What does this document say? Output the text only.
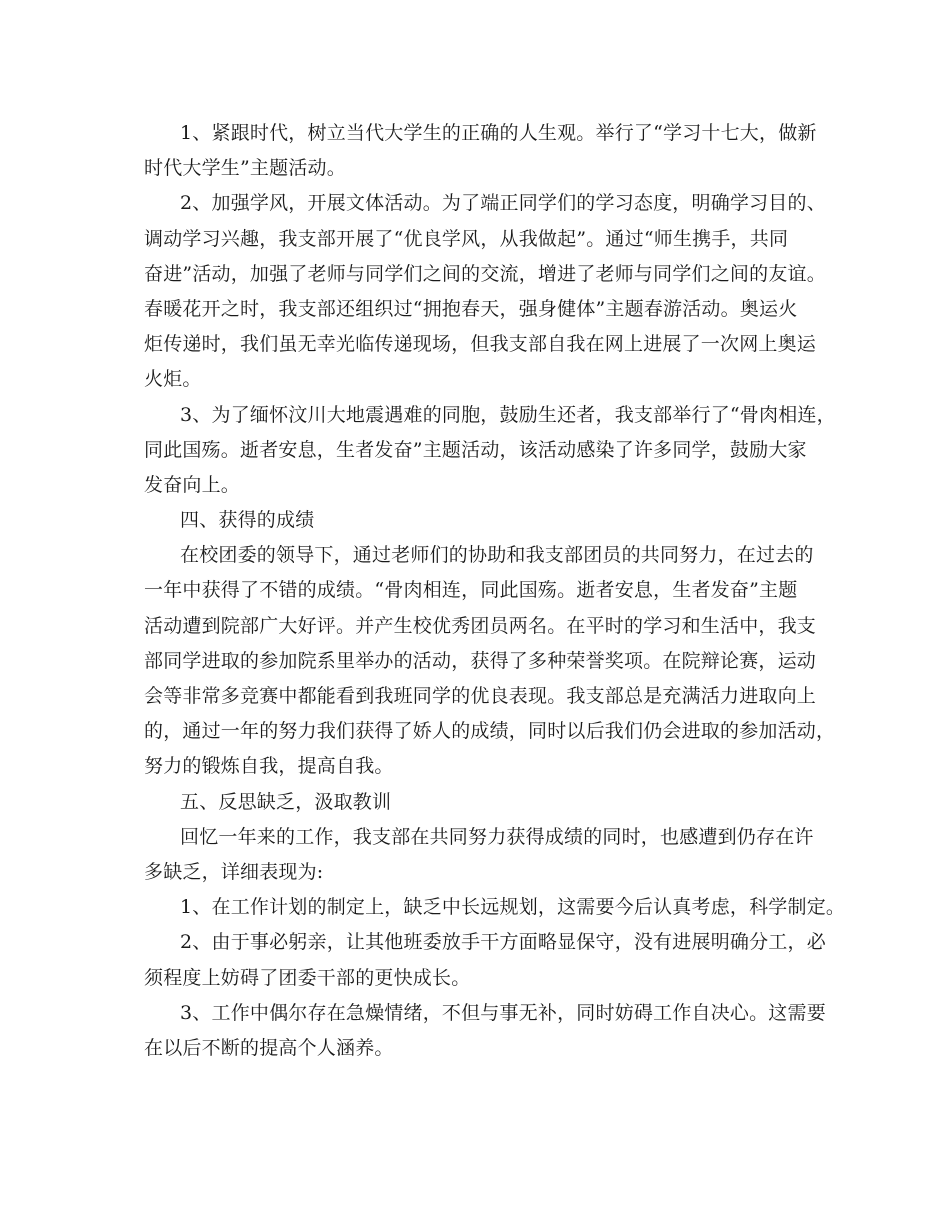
1、紧跟时代，树立当代大学生的正确的人生观。举行了“学习十七大，做新
时代大学生”主题活动。
2、加强学风，开展文体活动。为了端正同学们的学习态度，明确学习目的、
调动学习兴趣，我支部开展了“优良学风，从我做起”。通过“师生携手，共同
奋进”活动，加强了老师与同学们之间的交流，增进了老师与同学们之间的友谊。
春暖花开之时，我支部还组织过“拥抱春天，强身健体”主题春游活动。奥运火
炬传递时，我们虽无幸光临传递现场，但我支部自我在网上进展了一次网上奥运
火炬。
3、为了缅怀汶川大地震遇难的同胞，鼓励生还者，我支部举行了“骨肉相连，
同此国殇。逝者安息，生者发奋”主题活动，该活动感染了许多同学，鼓励大家
发奋向上。
四、获得的成绩
在校团委的领导下，通过老师们的协助和我支部团员的共同努力，在过去的
一年中获得了不错的成绩。“骨肉相连，同此国殇。逝者安息，生者发奋”主题
活动遭到院部广大好评。并产生校优秀团员两名。在平时的学习和生活中，我支
部同学进取的参加院系里举办的活动，获得了多种荣誉奖项。在院辩论赛，运动
会等非常多竞赛中都能看到我班同学的优良表现。我支部总是充满活力进取向上
的，通过一年的努力我们获得了娇人的成绩，同时以后我们仍会进取的参加活动，
努力的锻炼自我，提高自我。
五、反思缺乏，汲取教训
回忆一年来的工作，我支部在共同努力获得成绩的同时，也感遭到仍存在许
多缺乏，详细表现为:
1、在工作计划的制定上，缺乏中长远规划，这需要今后认真考虑，科学制定。
2、由于事必躬亲，让其他班委放手干方面略显保守，没有进展明确分工，必
须程度上妨碍了团委干部的更快成长。
3、工作中偶尔存在急燥情绪，不但与事无补，同时妨碍工作自决心。这需要
在以后不断的提高个人涵养。
